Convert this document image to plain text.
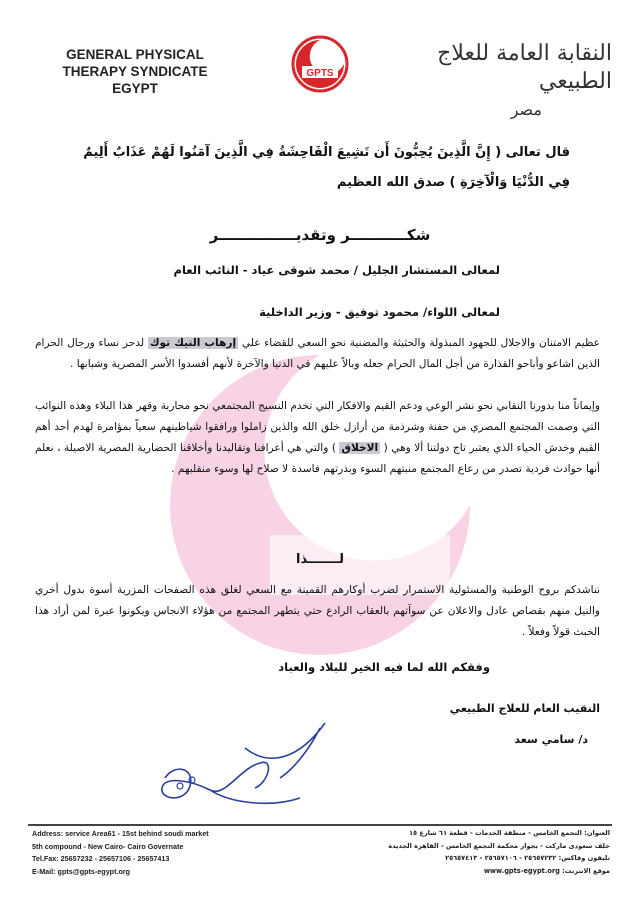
GENERAL PHYSICAL
THERAPY SYNDICATE
EGYPT
GPTS
النقابة العامة للعلاج الطبيعي
مصر
قال تعالى ( إِنَّ الَّذِينَ يُحِبُّونَ أَن تَشِيعَ الْفَاحِشَةُ فِي الَّذِينَ آمَنُوا لَهُمْ عَذَابٌ أَلِيمٌ
فِي الدُّنْيَا وَالْآخِرَةِ ) صدق الله العظيم
شكـــــــــــر وتقديـــــــــــــــر
لمعالى المستشار الجليل / محمد شوقى عياد - النائب العام
لمعالى اللواء/ محمود توفيق - وزير الداخلية
عظيم الامتنان والاجلال للجهود المبذولة والحثيثة والمضنية نحو السعي للقضاء علي إرهاب التيك توك لدحر نساء ورجال الحرام الذين اشاعو وأباحو القذارة من أجل المال الحرام جعله وبالاً عليهم في الدنيا والآخرة لأنهم أفسدوا الأسر المصرية وشبابها .
وإيماناً منا بدورنا النقابي نحو نشر الوعي ودعم القيم والافكار التي تخدم النسيج المجتمعي نحو محاربة وقهر هذا البلاء وهذه النوائب التي وصمت المجتمع المصري من حفنة وشرذمة من أرازل خلق الله والذين زاملوا ورافقوا شياطينهم سعياً بمؤامرة لهدم أحد أهم القيم وخدش الحياء الذي يعتبر تاج دولتنا ألا وهي ( الاخلاق ) والتي هي أعرافنا وتقاليدنا وأخلاقنا الحضارية المصرية الاصيلة ، نعلم أنها حوادث فردية تصدر من رعاع المجتمع منبتهم السوء وبذرتهم فاسدة لا صلاح لها وسوء منقلبهم .
لـــــــذا
نناشدكم بروح الوطنية والمسئولية الاستمرار لضرب أوكارهم القمينة مع السعي لغلق هذه الصفحات المزرية أسوة بدول أخري والنيل منهم بقصاص عادل والاعلان عن سوآتهم بالعقاب الرادع حتي يتطهر المجتمع من هؤلاء الانجاس ويكونوا عبرة لمن أراد هذا الخبث قولاً وفعلاً .
وفقكم الله لما فيه الخير للبلاد والعباد
النقيب العام للعلاج الطبيعي
د/ سامي سعد
Address: service Area61 - 15st behind soudi market
5th compound - New Cairo- Cairo Governate
Tel.Fax: 25657232 - 25657106 - 25657413
E-Mail: gpts@gpts-egypt.org
العنوان: التجمع الخامس - منطقة الخدمات - قطعة ٦١ شارع ١٥
خلف سعودى ماركت - بجوار محكمة التجمع الخامس - القاهرة الجديدة
تليفون وفاكس: ٢٥٦٥٧٢٣٢ - ٢٥٦٥٧١٠٦ - ٢٥٦٥٧٤١٣
موقع الانترنت: www.gpts-egypt.org
